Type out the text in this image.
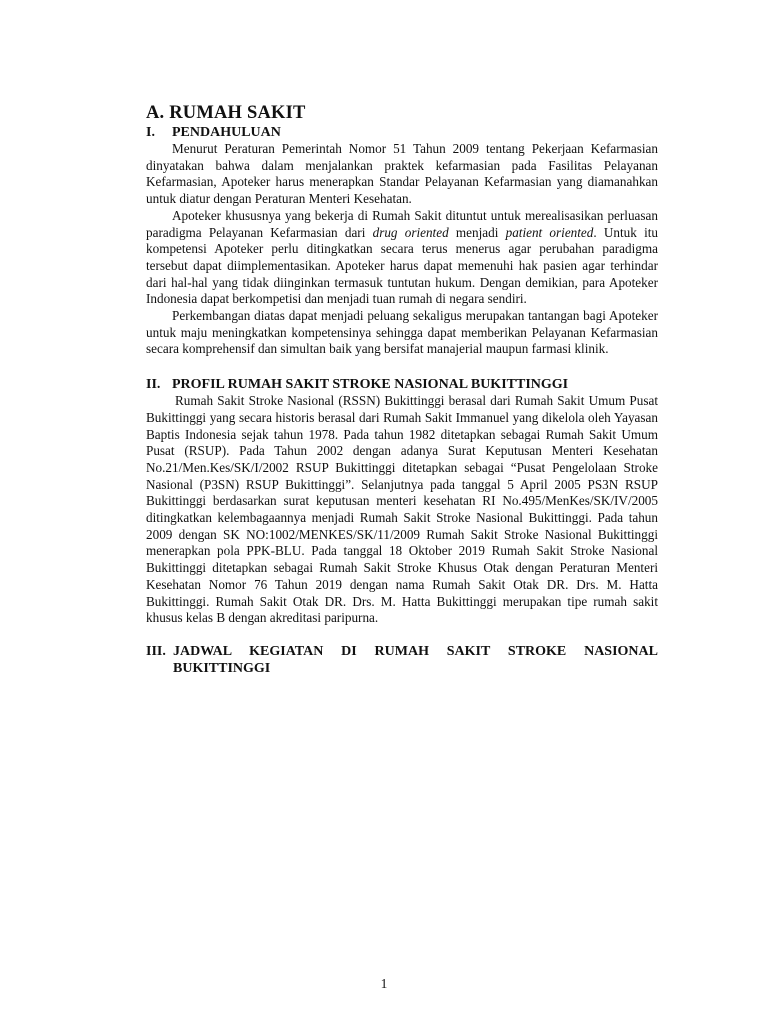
A. RUMAH SAKIT
I.	PENDAHULUAN

Menurut Peraturan Pemerintah Nomor 51 Tahun 2009 tentang Pekerjaan Kefarmasian dinyatakan bahwa dalam menjalankan praktek kefarmasian pada Fasilitas Pelayanan Kefarmasian, Apoteker harus menerapkan Standar Pelayanan Kefarmasian yang diamanahkan untuk diatur dengan Peraturan Menteri Kesehatan.

Apoteker khususnya yang bekerja di Rumah Sakit dituntut untuk merealisasikan perluasan paradigma Pelayanan Kefarmasian dari drug oriented menjadi patient oriented. Untuk itu kompetensi Apoteker perlu ditingkatkan secara terus menerus agar perubahan paradigma tersebut dapat diimplementasikan. Apoteker harus dapat memenuhi hak pasien agar terhindar dari hal-hal yang tidak diinginkan termasuk tuntutan hukum. Dengan demikian, para Apoteker Indonesia dapat berkompetisi dan menjadi tuan rumah di negara sendiri.

Perkembangan diatas dapat menjadi peluang sekaligus merupakan tantangan bagi Apoteker untuk maju meningkatkan kompetensinya sehingga dapat memberikan Pelayanan Kefarmasian secara komprehensif dan simultan baik yang bersifat manajerial maupun farmasi klinik.

II. PROFIL RUMAH SAKIT STROKE NASIONAL BUKITTINGGI

Rumah Sakit Stroke Nasional (RSSN) Bukittinggi berasal dari Rumah Sakit Umum Pusat Bukittinggi yang secara historis berasal dari Rumah Sakit Immanuel yang dikelola oleh Yayasan Baptis Indonesia sejak tahun 1978. Pada tahun 1982 ditetapkan sebagai Rumah Sakit Umum Pusat (RSUP). Pada Tahun 2002 dengan adanya Surat Keputusan Menteri Kesehatan No.21/Men.Kes/SK/I/2002 RSUP Bukittinggi ditetapkan sebagai “Pusat Pengelolaan Stroke Nasional (P3SN) RSUP Bukittinggi”. Selanjutnya pada tanggal 5 April 2005 PS3N RSUP Bukittinggi berdasarkan surat keputusan menteri kesehatan RI No.495/MenKes/SK/IV/2005 ditingkatkan kelembagaannya menjadi Rumah Sakit Stroke Nasional Bukittinggi. Pada tahun 2009 dengan SK NO:1002/MENKES/SK/11/2009 Rumah Sakit Stroke Nasional Bukittinggi menerapkan pola PPK-BLU. Pada tanggal 18 Oktober 2019 Rumah Sakit Stroke Nasional Bukittinggi ditetapkan sebagai Rumah Sakit Stroke Khusus Otak dengan Peraturan Menteri Kesehatan Nomor 76 Tahun 2019 dengan nama Rumah Sakit Otak DR. Drs. M. Hatta Bukittinggi. Rumah Sakit Otak DR. Drs. M. Hatta Bukittinggi merupakan tipe rumah sakit khusus kelas B dengan akreditasi paripurna.

III. JADWAL KEGIATAN DI RUMAH SAKIT STROKE NASIONAL BUKITTINGGI
1
